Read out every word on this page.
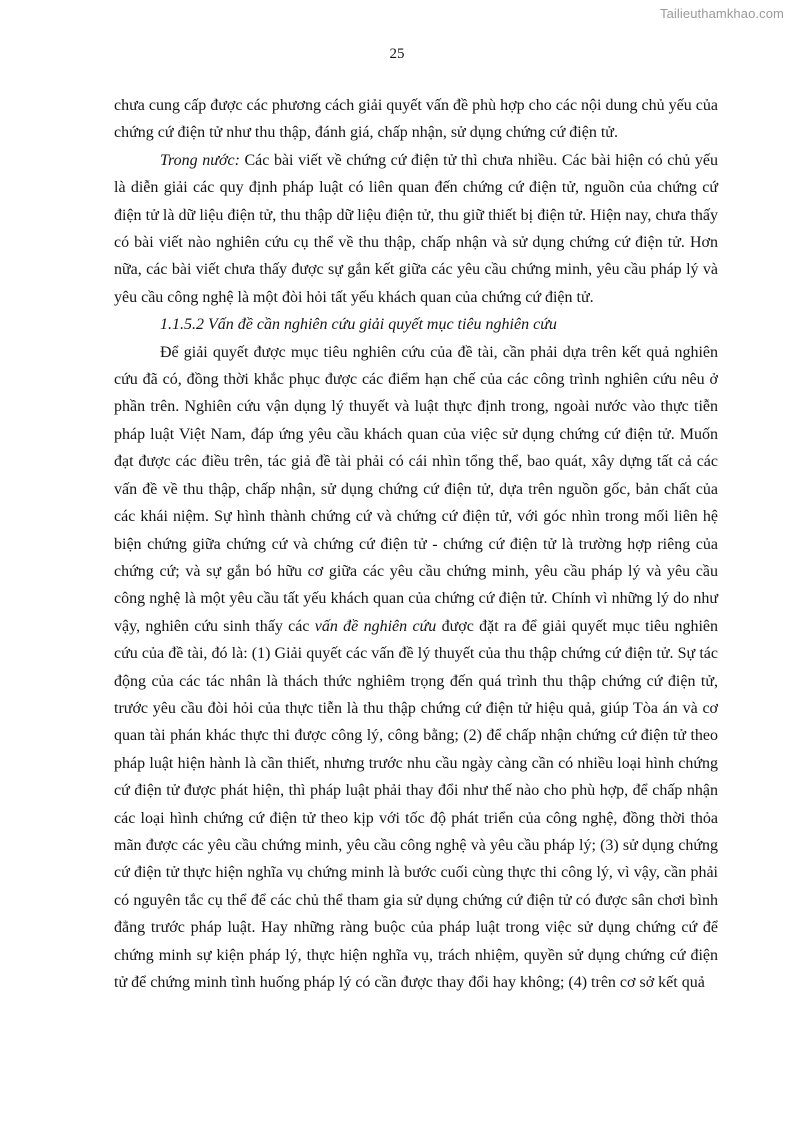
Tailieuthamkhao.com
25

chưa cung cấp được các phương cách giải quyết vấn đề phù hợp cho các nội dung chủ yếu của chứng cứ điện tử như thu thập, đánh giá, chấp nhận, sử dụng chứng cứ điện tử.

Trong nước: Các bài viết về chứng cứ điện tử thì chưa nhiều. Các bài hiện có chủ yếu là diễn giải các quy định pháp luật có liên quan đến chứng cứ điện tử, nguồn của chứng cứ điện tử là dữ liệu điện tử, thu thập dữ liệu điện tử, thu giữ thiết bị điện tử. Hiện nay, chưa thấy có bài viết nào nghiên cứu cụ thể về thu thập, chấp nhận và sử dụng chứng cứ điện tử. Hơn nữa, các bài viết chưa thấy được sự gắn kết giữa các yêu cầu chứng minh, yêu cầu pháp lý và yêu cầu công nghệ là một đòi hỏi tất yếu khách quan của chứng cứ điện tử.

1.1.5.2 Vấn đề cần nghiên cứu giải quyết mục tiêu nghiên cứu

Để giải quyết được mục tiêu nghiên cứu của đề tài, cần phải dựa trên kết quả nghiên cứu đã có, đồng thời khắc phục được các điểm hạn chế của các công trình nghiên cứu nêu ở phần trên. Nghiên cứu vận dụng lý thuyết và luật thực định trong, ngoài nước vào thực tiễn pháp luật Việt Nam, đáp ứng yêu cầu khách quan của việc sử dụng chứng cứ điện tử. Muốn đạt được các điều trên, tác giả đề tài phải có cái nhìn tổng thể, bao quát, xây dựng tất cả các vấn đề về thu thập, chấp nhận, sử dụng chứng cứ điện tử, dựa trên nguồn gốc, bản chất của các khái niệm. Sự hình thành chứng cứ và chứng cứ điện tử, với góc nhìn trong mối liên hệ biện chứng giữa chứng cứ và chứng cứ điện tử - chứng cứ điện tử là trường hợp riêng của chứng cứ; và sự gắn bó hữu cơ giữa các yêu cầu chứng minh, yêu cầu pháp lý và yêu cầu công nghệ là một yêu cầu tất yếu khách quan của chứng cứ điện tử. Chính vì những lý do như vậy, nghiên cứu sinh thấy các vấn đề nghiên cứu được đặt ra để giải quyết mục tiêu nghiên cứu của đề tài, đó là: (1) Giải quyết các vấn đề lý thuyết của thu thập chứng cứ điện tử. Sự tác động của các tác nhân là thách thức nghiêm trọng đến quá trình thu thập chứng cứ điện tử, trước yêu cầu đòi hỏi của thực tiễn là thu thập chứng cứ điện tử hiệu quả, giúp Tòa án và cơ quan tài phán khác thực thi được công lý, công bằng; (2) để chấp nhận chứng cứ điện tử theo pháp luật hiện hành là cần thiết, nhưng trước nhu cầu ngày càng cần có nhiều loại hình chứng cứ điện tử được phát hiện, thì pháp luật phải thay đổi như thế nào cho phù hợp, để chấp nhận các loại hình chứng cứ điện tử theo kịp với tốc độ phát triển của công nghệ, đồng thời thỏa mãn được các yêu cầu chứng minh, yêu cầu công nghệ và yêu cầu pháp lý; (3) sử dụng chứng cứ điện tử thực hiện nghĩa vụ chứng minh là bước cuối cùng thực thi công lý, vì vậy, cần phải có nguyên tắc cụ thể để các chủ thể tham gia sử dụng chứng cứ điện tử có được sân chơi bình đẳng trước pháp luật. Hay những ràng buộc của pháp luật trong việc sử dụng chứng cứ để chứng minh sự kiện pháp lý, thực hiện nghĩa vụ, trách nhiệm, quyền sử dụng chứng cứ điện tử để chứng minh tình huống pháp lý có cần được thay đổi hay không; (4) trên cơ sở kết quả
